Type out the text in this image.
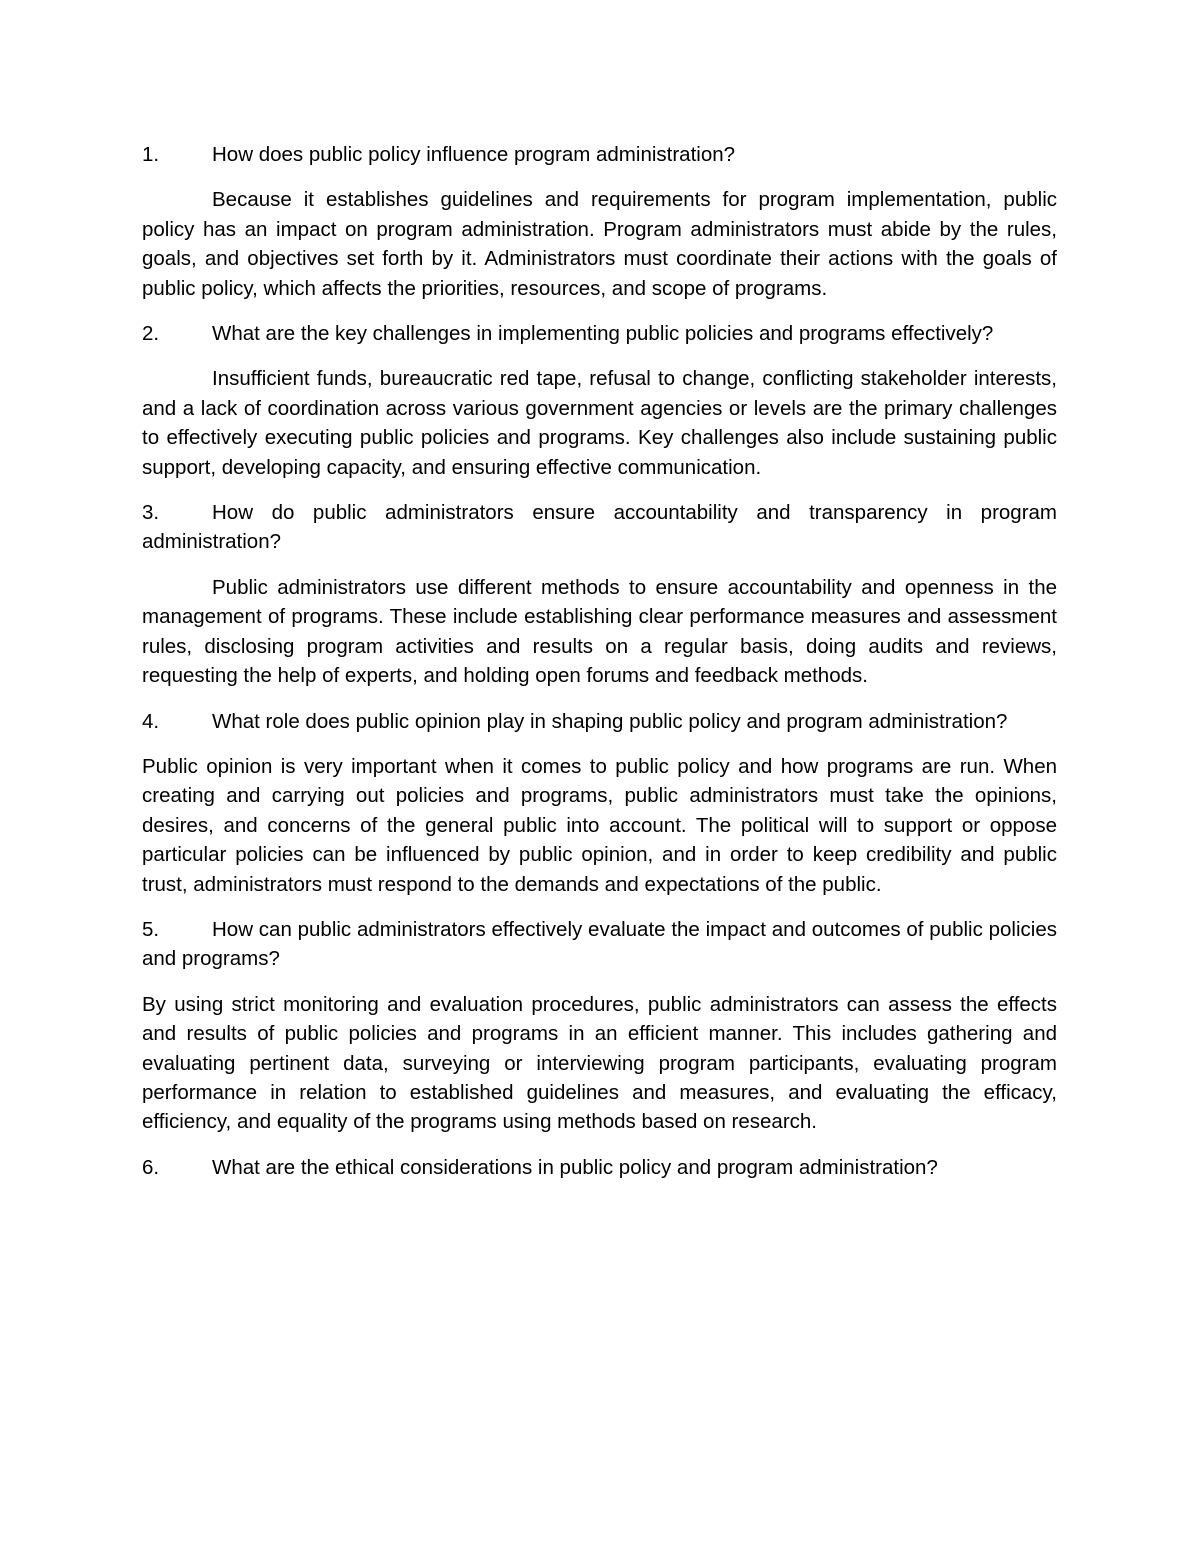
1.	How does public policy influence program administration?

Because it establishes guidelines and requirements for program implementation, public policy has an impact on program administration. Program administrators must abide by the rules, goals, and objectives set forth by it. Administrators must coordinate their actions with the goals of public policy, which affects the priorities, resources, and scope of programs.

2.	What are the key challenges in implementing public policies and programs effectively?

Insufficient funds, bureaucratic red tape, refusal to change, conflicting stakeholder interests, and a lack of coordination across various government agencies or levels are the primary challenges to effectively executing public policies and programs. Key challenges also include sustaining public support, developing capacity, and ensuring effective communication.

3.	How do public administrators ensure accountability and transparency in program administration?

Public administrators use different methods to ensure accountability and openness in the management of programs. These include establishing clear performance measures and assessment rules, disclosing program activities and results on a regular basis, doing audits and reviews, requesting the help of experts, and holding open forums and feedback methods.

4.	What role does public opinion play in shaping public policy and program administration?

Public opinion is very important when it comes to public policy and how programs are run. When creating and carrying out policies and programs, public administrators must take the opinions, desires, and concerns of the general public into account. The political will to support or oppose particular policies can be influenced by public opinion, and in order to keep credibility and public trust, administrators must respond to the demands and expectations of the public.

5.	How can public administrators effectively evaluate the impact and outcomes of public policies and programs?

By using strict monitoring and evaluation procedures, public administrators can assess the effects and results of public policies and programs in an efficient manner. This includes gathering and evaluating pertinent data, surveying or interviewing program participants, evaluating program performance in relation to established guidelines and measures, and evaluating the efficacy, efficiency, and equality of the programs using methods based on research.

6.	What are the ethical considerations in public policy and program administration?
